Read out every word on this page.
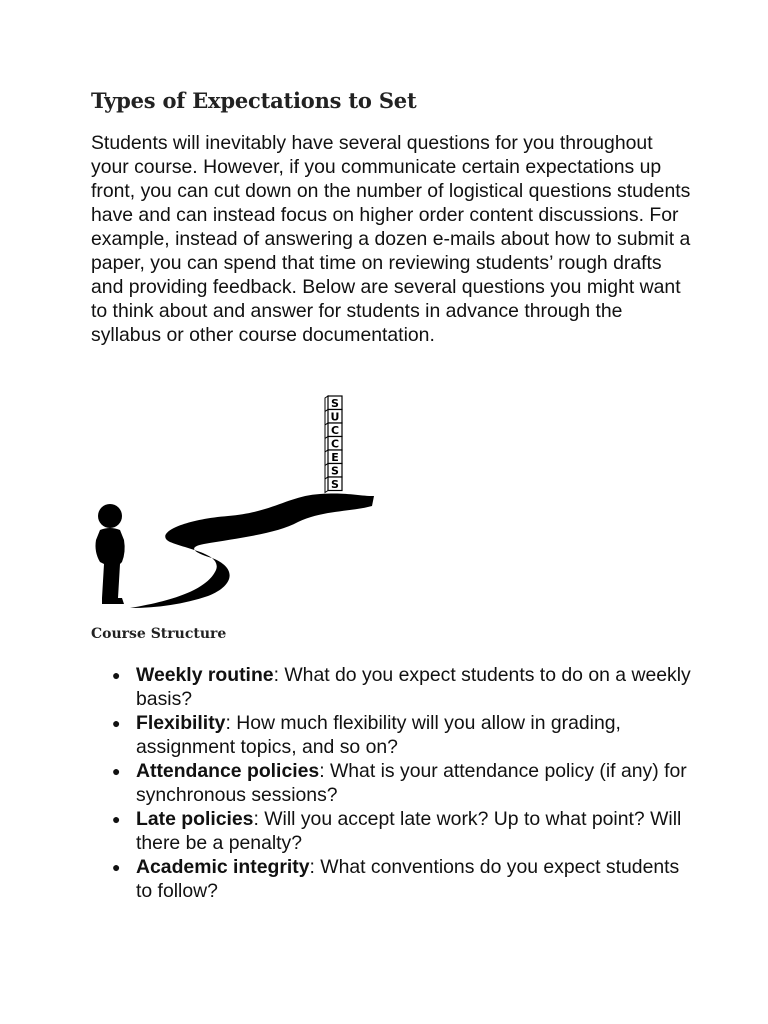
Types of Expectations to Set

Students will inevitably have several questions for you throughout your course. However, if you communicate certain expectations up front, you can cut down on the number of logistical questions students have and can instead focus on higher order content discussions. For example, instead of answering a dozen e-mails about how to submit a paper, you can spend that time on reviewing students’ rough drafts and providing feedback. Below are several questions you might want to think about and answer for students in advance through the syllabus or other course documentation.

S
U
C
C
E
S
S
Course Structure
● Weekly routine: What do you expect students to do on a weekly basis?
● Flexibility: How much flexibility will you allow in grading, assignment topics, and so on?
● Attendance policies: What is your attendance policy (if any) for synchronous sessions?
● Late policies: Will you accept late work? Up to what point? Will there be a penalty?
● Academic integrity: What conventions do you expect students to follow?
